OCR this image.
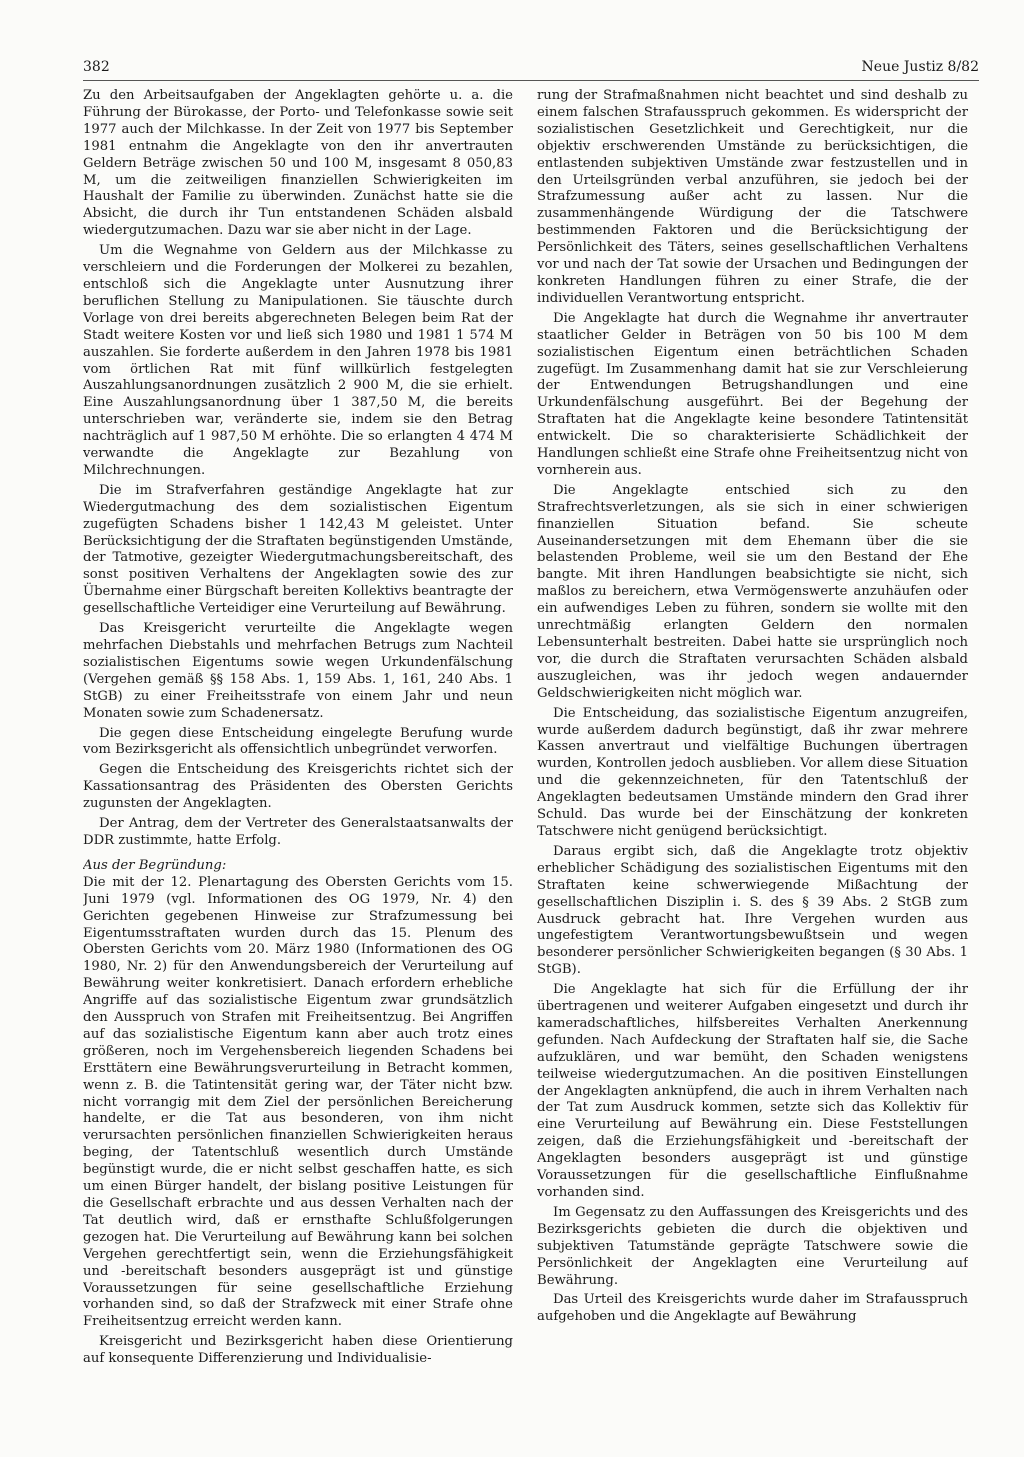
382	Neue Justiz 8/82

Zu den Arbeitsaufgaben der Angeklagten gehörte u. a. die Führung der Bürokasse, der Porto- und Telefonkasse sowie seit 1977 auch der Milchkasse. In der Zeit von 1977 bis September 1981 entnahm die Angeklagte von den ihr anvertrauten Geldern Beträge zwischen 50 und 100 M, insgesamt 8 050,83 M, um die zeitweiligen finanziellen Schwierigkeiten im Haushalt der Familie zu überwinden. Zunächst hatte sie die Absicht, die durch ihr Tun entstandenen Schäden alsbald wiedergutzumachen. Dazu war sie aber nicht in der Lage.

Um die Wegnahme von Geldern aus der Milchkasse zu verschleiern und die Forderungen der Molkerei zu bezahlen, entschloß sich die Angeklagte unter Ausnutzung ihrer beruflichen Stellung zu Manipulationen. Sie täuschte durch Vorlage von drei bereits abgerechneten Belegen beim Rat der Stadt weitere Kosten vor und ließ sich 1980 und 1981 1 574 M auszahlen. Sie forderte außerdem in den Jahren 1978 bis 1981 vom örtlichen Rat mit fünf willkürlich festgelegten Auszahlungsanordnungen zusätzlich 2 900 M, die sie erhielt. Eine Auszahlungsanordnung über 1 387,50 M, die bereits unterschrieben war, veränderte sie, indem sie den Betrag nachträglich auf 1 987,50 M erhöhte. Die so erlangten 4 474 M verwandte die Angeklagte zur Bezahlung von Milchrechnungen.

Die im Strafverfahren geständige Angeklagte hat zur Wiedergutmachung des dem sozialistischen Eigentum zugefügten Schadens bisher 1 142,43 M geleistet. Unter Berücksichtigung der die Straftaten begünstigenden Umstände, der Tatmotive, gezeigter Wiedergutmachungsbereitschaft, des sonst positiven Verhaltens der Angeklagten sowie des zur Übernahme einer Bürgschaft bereiten Kollektivs beantragte der gesellschaftliche Verteidiger eine Verurteilung auf Bewährung.

Das Kreisgericht verurteilte die Angeklagte wegen mehrfachen Diebstahls und mehrfachen Betrugs zum Nachteil sozialistischen Eigentums sowie wegen Urkundenfälschung (Vergehen gemäß §§ 158 Abs. 1, 159 Abs. 1, 161, 240 Abs. 1 StGB) zu einer Freiheitsstrafe von einem Jahr und neun Monaten sowie zum Schadenersatz.

Die gegen diese Entscheidung eingelegte Berufung wurde vom Bezirksgericht als offensichtlich unbegründet verworfen.

Gegen die Entscheidung des Kreisgerichts richtet sich der Kassationsantrag des Präsidenten des Obersten Gerichts zugunsten der Angeklagten.

Der Antrag, dem der Vertreter des Generalstaatsanwalts der DDR zustimmte, hatte Erfolg.

Aus der Begründung:

Die mit der 12. Plenartagung des Obersten Gerichts vom 15. Juni 1979 (vgl. Informationen des OG 1979, Nr. 4) den Gerichten gegebenen Hinweise zur Strafzumessung bei Eigentumsstraftaten wurden durch das 15. Plenum des Obersten Gerichts vom 20. März 1980 (Informationen des OG 1980, Nr. 2) für den Anwendungsbereich der Verurteilung auf Bewährung weiter konkretisiert. Danach erfordern erhebliche Angriffe auf das sozialistische Eigentum zwar grundsätzlich den Ausspruch von Strafen mit Freiheitsentzug. Bei Angriffen auf das sozialistische Eigentum kann aber auch trotz eines größeren, noch im Vergehensbereich liegenden Schadens bei Ersttätern eine Bewährungsverurteilung in Betracht kommen, wenn z. B. die Tatintensität gering war, der Täter nicht bzw. nicht vorrangig mit dem Ziel der persönlichen Bereicherung handelte, er die Tat aus besonderen, von ihm nicht verursachten persönlichen finanziellen Schwierigkeiten heraus beging, der Tatentschluß wesentlich durch Umstände begünstigt wurde, die er nicht selbst geschaffen hatte, es sich um einen Bürger handelt, der bislang positive Leistungen für die Gesellschaft erbrachte und aus dessen Verhalten nach der Tat deutlich wird, daß er ernsthafte Schlußfolgerungen gezogen hat. Die Verurteilung auf Bewährung kann bei solchen Vergehen gerechtfertigt sein, wenn die Erziehungsfähigkeit und -bereitschaft besonders ausgeprägt ist und günstige Voraussetzungen für seine gesellschaftliche Erziehung vorhanden sind, so daß der Strafzweck mit einer Strafe ohne Freiheitsentzug erreicht werden kann.

Kreisgericht und Bezirksgericht haben diese Orientierung auf konsequente Differenzierung und Individualisie-

rung der Strafmaßnahmen nicht beachtet und sind deshalb zu einem falschen Strafausspruch gekommen. Es widerspricht der sozialistischen Gesetzlichkeit und Gerechtigkeit, nur die objektiv erschwerenden Umstände zu berücksichtigen, die entlastenden subjektiven Umstände zwar festzustellen und in den Urteilsgründen verbal anzuführen, sie jedoch bei der Strafzumessung außer acht zu lassen. Nur die zusammenhängende Würdigung der die Tatschwere bestimmenden Faktoren und die Berücksichtigung der Persönlichkeit des Täters, seines gesellschaftlichen Verhaltens vor und nach der Tat sowie der Ursachen und Bedingungen der konkreten Handlungen führen zu einer Strafe, die der individuellen Verantwortung entspricht.

Die Angeklagte hat durch die Wegnahme ihr anvertrauter staatlicher Gelder in Beträgen von 50 bis 100 M dem sozialistischen Eigentum einen beträchtlichen Schaden zugefügt. Im Zusammenhang damit hat sie zur Verschleierung der Entwendungen Betrugshandlungen und eine Urkundenfälschung ausgeführt. Bei der Begehung der Straftaten hat die Angeklagte keine besondere Tatintensität entwickelt. Die so charakterisierte Schädlichkeit der Handlungen schließt eine Strafe ohne Freiheitsentzug nicht von vornherein aus.

Die Angeklagte entschied sich zu den Strafrechtsverletzungen, als sie sich in einer schwierigen finanziellen Situation befand. Sie scheute Auseinandersetzungen mit dem Ehemann über die sie belastenden Probleme, weil sie um den Bestand der Ehe bangte. Mit ihren Handlungen beabsichtigte sie nicht, sich maßlos zu bereichern, etwa Vermögenswerte anzuhäufen oder ein aufwendiges Leben zu führen, sondern sie wollte mit den unrechtmäßig erlangten Geldern den normalen Lebensunterhalt bestreiten. Dabei hatte sie ursprünglich noch vor, die durch die Straftaten verursachten Schäden alsbald auszugleichen, was ihr jedoch wegen andauernder Geldschwierigkeiten nicht möglich war.

Die Entscheidung, das sozialistische Eigentum anzugreifen, wurde außerdem dadurch begünstigt, daß ihr zwar mehrere Kassen anvertraut und vielfältige Buchungen übertragen wurden, Kontrollen jedoch ausblieben. Vor allem diese Situation und die gekennzeichneten, für den Tatentschluß der Angeklagten bedeutsamen Umstände mindern den Grad ihrer Schuld. Das wurde bei der Einschätzung der konkreten Tatschwere nicht genügend berücksichtigt.

Daraus ergibt sich, daß die Angeklagte trotz objektiv erheblicher Schädigung des sozialistischen Eigentums mit den Straftaten keine schwerwiegende Mißachtung der gesellschaftlichen Disziplin i. S. des § 39 Abs. 2 StGB zum Ausdruck gebracht hat. Ihre Vergehen wurden aus ungefestigtem Verantwortungsbewußtsein und wegen besonderer persönlicher Schwierigkeiten begangen (§ 30 Abs. 1 StGB).

Die Angeklagte hat sich für die Erfüllung der ihr übertragenen und weiterer Aufgaben eingesetzt und durch ihr kameradschaftliches, hilfsbereites Verhalten Anerkennung gefunden. Nach Aufdeckung der Straftaten half sie, die Sache aufzuklären, und war bemüht, den Schaden wenigstens teilweise wiedergutzumachen. An die positiven Einstellungen der Angeklagten anknüpfend, die auch in ihrem Verhalten nach der Tat zum Ausdruck kommen, setzte sich das Kollektiv für eine Verurteilung auf Bewährung ein. Diese Feststellungen zeigen, daß die Erziehungsfähigkeit und -bereitschaft der Angeklagten besonders ausgeprägt ist und günstige Voraussetzungen für die gesellschaftliche Einflußnahme vorhanden sind.

Im Gegensatz zu den Auffassungen des Kreisgerichts und des Bezirksgerichts gebieten die durch die objektiven und subjektiven Tatumstände geprägte Tatschwere sowie die Persönlichkeit der Angeklagten eine Verurteilung auf Bewährung.

Das Urteil des Kreisgerichts wurde daher im Strafausspruch aufgehoben und die Angeklagte auf Bewährung
